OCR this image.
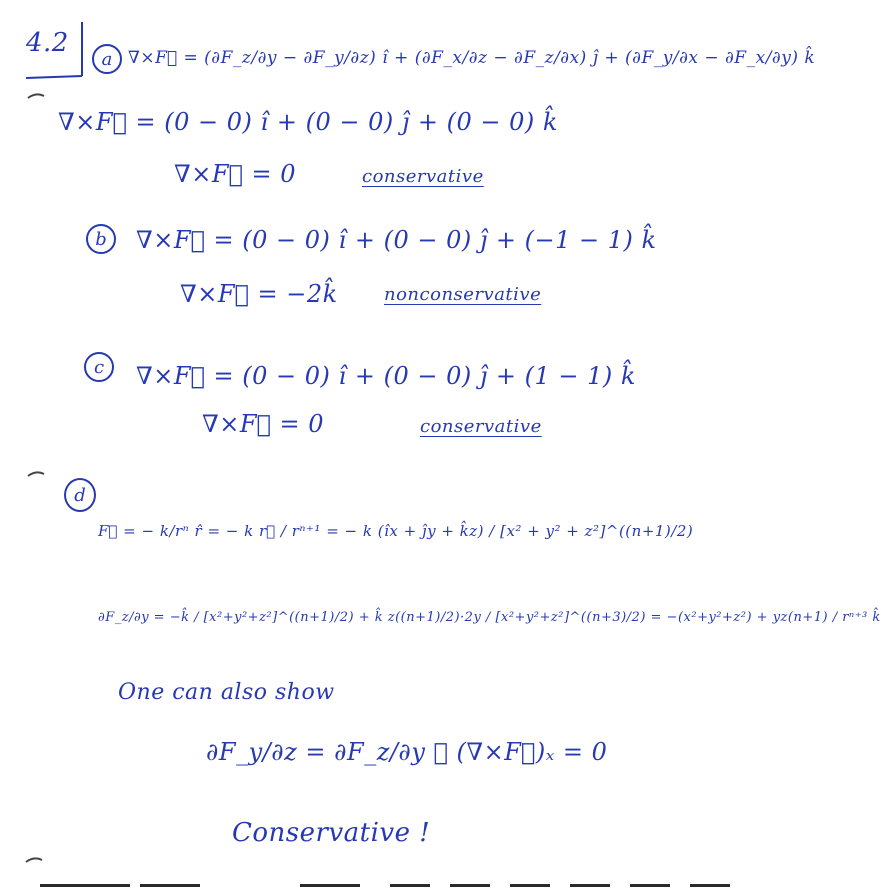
4.2
a ∇×F⃗ = (∂F_z/∂y − ∂F_y/∂z) î + (∂F_x/∂z − ∂F_z/∂x) ĵ + (∂F_y/∂x − ∂F_x/∂y) k̂
∇×F⃗ = (0 − 0) î + (0 − 0) ĵ + (0 − 0) k̂
∇×F⃗ = 0	conservative
b ∇×F⃗ = (0 − 0) î + (0 − 0) ĵ + (−1 − 1) k̂
∇×F⃗ = −2k̂	nonconservative
c ∇×F⃗ = (0 − 0) î + (0 − 0) ĵ + (1 − 1) k̂
∇×F⃗ = 0	conservative
d
F⃗ = − k/rⁿ r̂ = − k r⃗ / rⁿ⁺¹ = − k (îx + ĵy + k̂z) / [x² + y² + z²]^((n+1)/2)
∂F_z/∂y = −k̂ / [x²+y²+z²]^((n+1)/2) + k̂ z((n+1)/2)·2y / [x²+y²+z²]^((n+3)/2) = −(x²+y²+z²) + yz(n+1) / rⁿ⁺³ k̂
One can also show
∂F_y/∂z = ∂F_z/∂y ∴ (∇×F⃗)ₓ = 0
Conservative !
